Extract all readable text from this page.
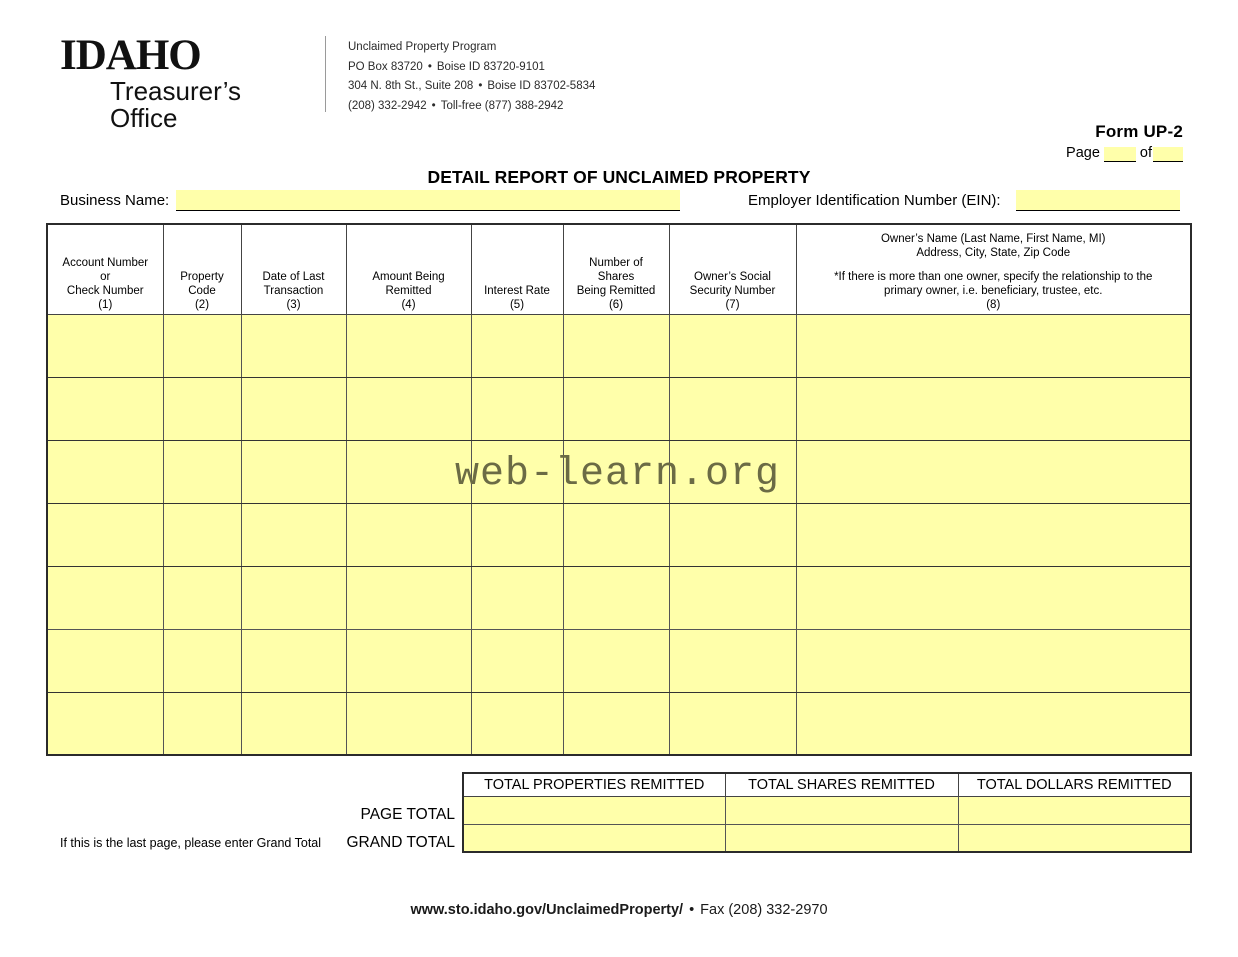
IDAHO
Treasurer’s Office
Unclaimed Property Program
PO Box 83720 • Boise ID 83720-9101
304 N. 8th St., Suite 208 • Boise ID 83702-5834
(208) 332-2942 • Toll-free (877) 388-2942
Form UP-2
Page	of
DETAIL REPORT OF UNCLAIMED PROPERTY
Business Name:	Employer Identification Number (EIN):
Account Number
or
Check Number
(1)

Property
Code
(2)

Date of Last
Transaction
(3)

Amount Being
Remitted
(4)

Interest Rate
(5)

Number of
Shares
Being Remitted
(6)

Owner’s Social
Security Number
(7)

Owner’s Name (Last Name, First Name, MI)
Address, City, State, Zip Code
*If there is more than one owner, specify the relationship to the
primary owner, i.e. beneficiary, trustee, etc.
(8)

web-learn.org
If this is the last page, please enter Grand Total
PAGE TOTAL
GRAND TOTAL
TOTAL PROPERTIES REMITTED	TOTAL SHARES REMITTED	TOTAL DOLLARS REMITTED

www.sto.idaho.gov/UnclaimedProperty/ • Fax (208) 332-2970
